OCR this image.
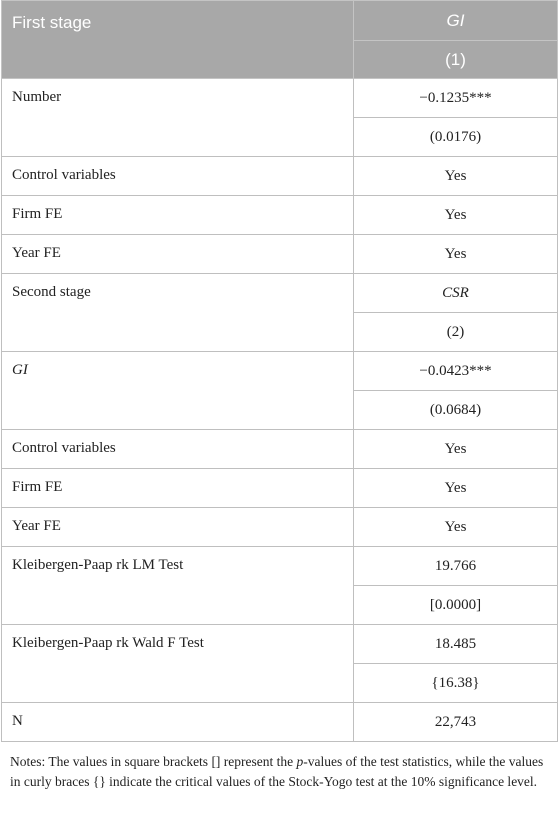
First stage	GI
	(1)
Number	−0.1235***
	(0.0176)
Control variables	Yes
Firm FE	Yes
Year FE	Yes
Second stage	CSR
	(2)
GI	−0.0423***
	(0.0684)
Control variables	Yes
Firm FE	Yes
Year FE	Yes
Kleibergen-Paap rk LM Test	19.766
	[0.0000]
Kleibergen-Paap rk Wald F Test	18.485
	{16.38}
N	22,743
Notes: The values in square brackets [] represent the p-values of the test statistics, while the values in curly braces {} indicate the critical values of the Stock-Yogo test at the 10% significance level.
